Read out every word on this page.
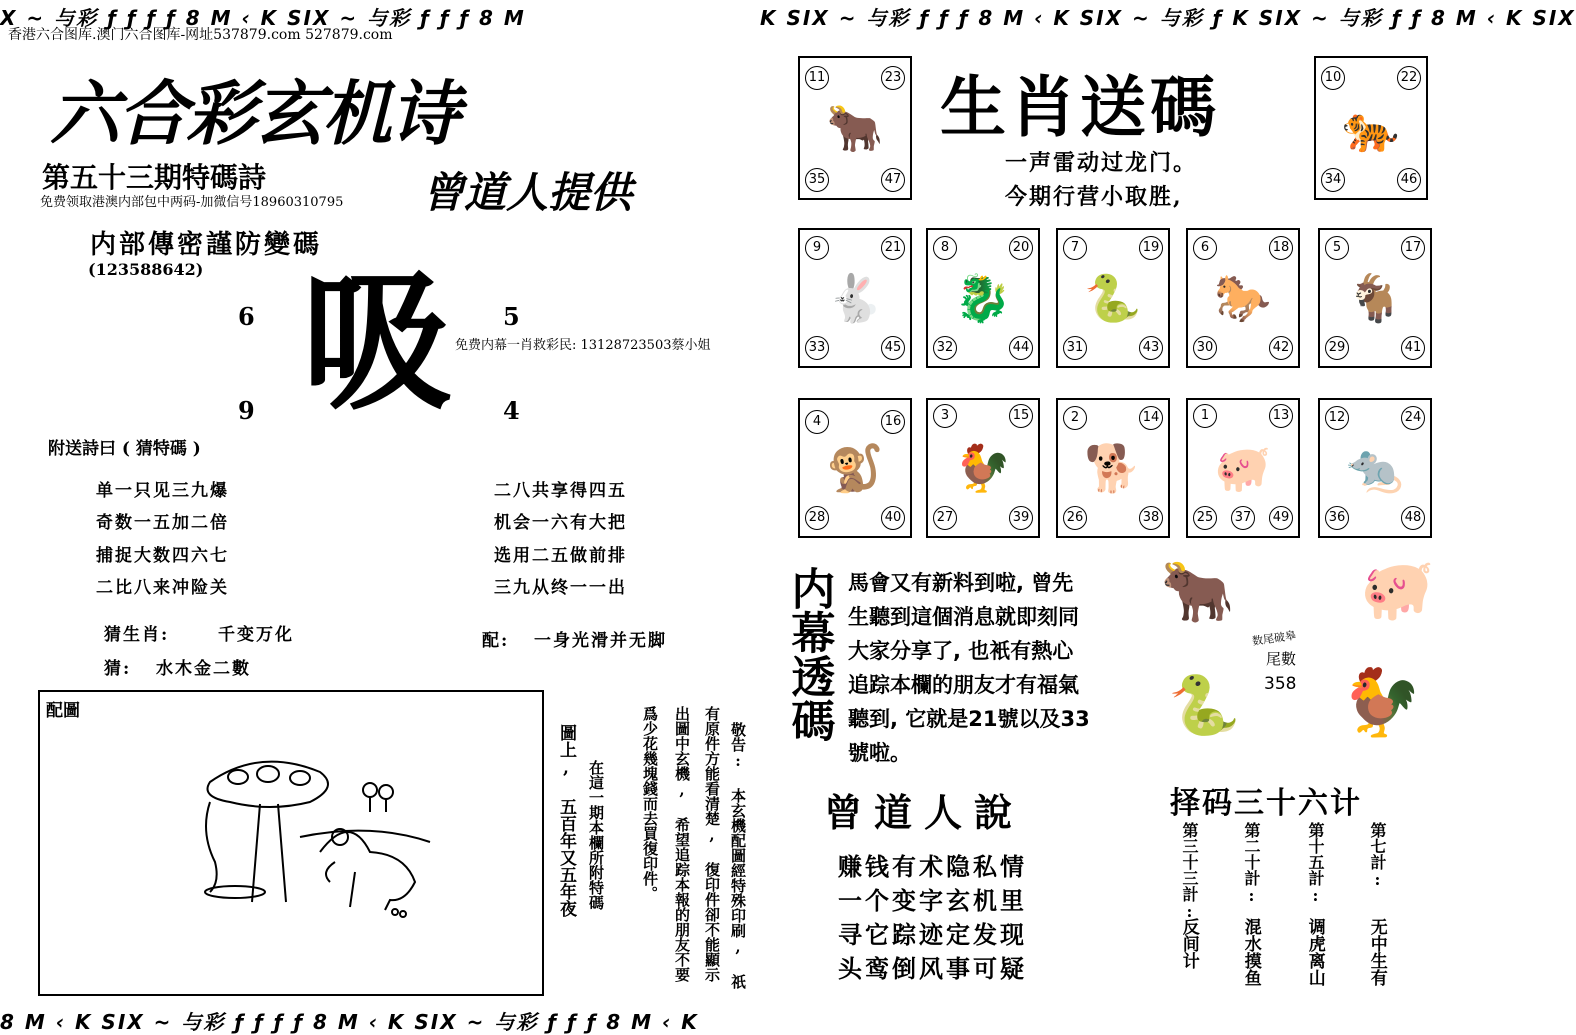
X ~ 与彩 ƒ ƒ ƒ ƒ 8 M ‹ K SIX ~ 与彩 ƒ ƒ ƒ 8 M	K SIX ~ 与彩 ƒ ƒ ƒ 8 M ‹ K SIX ~ 与彩 ƒ K SIX ~ 与彩 ƒ ƒ 8 M ‹ K SIX
香港六合图库.澳门六合图库-网址537879.com 527879.com
六合彩玄机诗
第五十三期特碼詩	曾道人提供
免费领取港澳内部包中两码-加微信号18960310795
内部傳密謹防變碼
(123588642)
6	5
9	4
吸 免费内幕一肖救彩民: 13128723503蔡小姐
附送詩曰 ( 猜特碼 )
单一只见三九爆
奇数一五加二倍
捕捉大数四六七
二比八来冲险关
二八共享得四五
机会一六有大把
选用二五做前排
三九从终一一出
猜生肖:	千变万化	配: 一身光滑并无脚
猜: 水木金二數
配圖
敬告: 本玄機配圖經特殊印刷, 祇
有原件方能看清楚, 復印件卻不能顯示
出圖中玄機, 希望追踪本報的朋友不要
爲少花幾塊錢而去買復印件。
在這一期本欄所附特碼
圖上, 五百年又五年夜
生肖送碼
一声雷动过龙门。
今期行营小取胜,
11	23
35	47
🐂
10	22
34	46
🐅
9	21
33	45
🐇
8	20
32	44
🐉
7	19
31	43
🐍
6	18
30	42
🐎
5	17
29	41
🐐
4	16
28	40
🐒
3	15
27	39
🐓
2	14
26	38
🐕
1	13
25 37 49
🐖
12	24
36	48
🐀
内幕透碼 馬會又有新料到啦, 曾先
生聽到這個消息就即刻同
大家分享了, 也衹有熱心
追踪本欄的朋友才有福氣
聽到, 它就是21號以及33
號啦。
🐂 🐖
🐍 🐓
数尾破皋
尾數
358
曾道人說
赚钱有术隐私情
一个变字玄机里
寻它踪迹定发现
头鸾倒风事可疑
择码三十六计
第三十三計:
反间计
第二十計:
混水摸鱼
第十五計:
调虎离山
第七計:
无中生有
8 M ‹ K SIX ~ 与彩 ƒ ƒ ƒ ƒ 8 M ‹ K SIX ~ 与彩 ƒ ƒ ƒ 8 M ‹ K
